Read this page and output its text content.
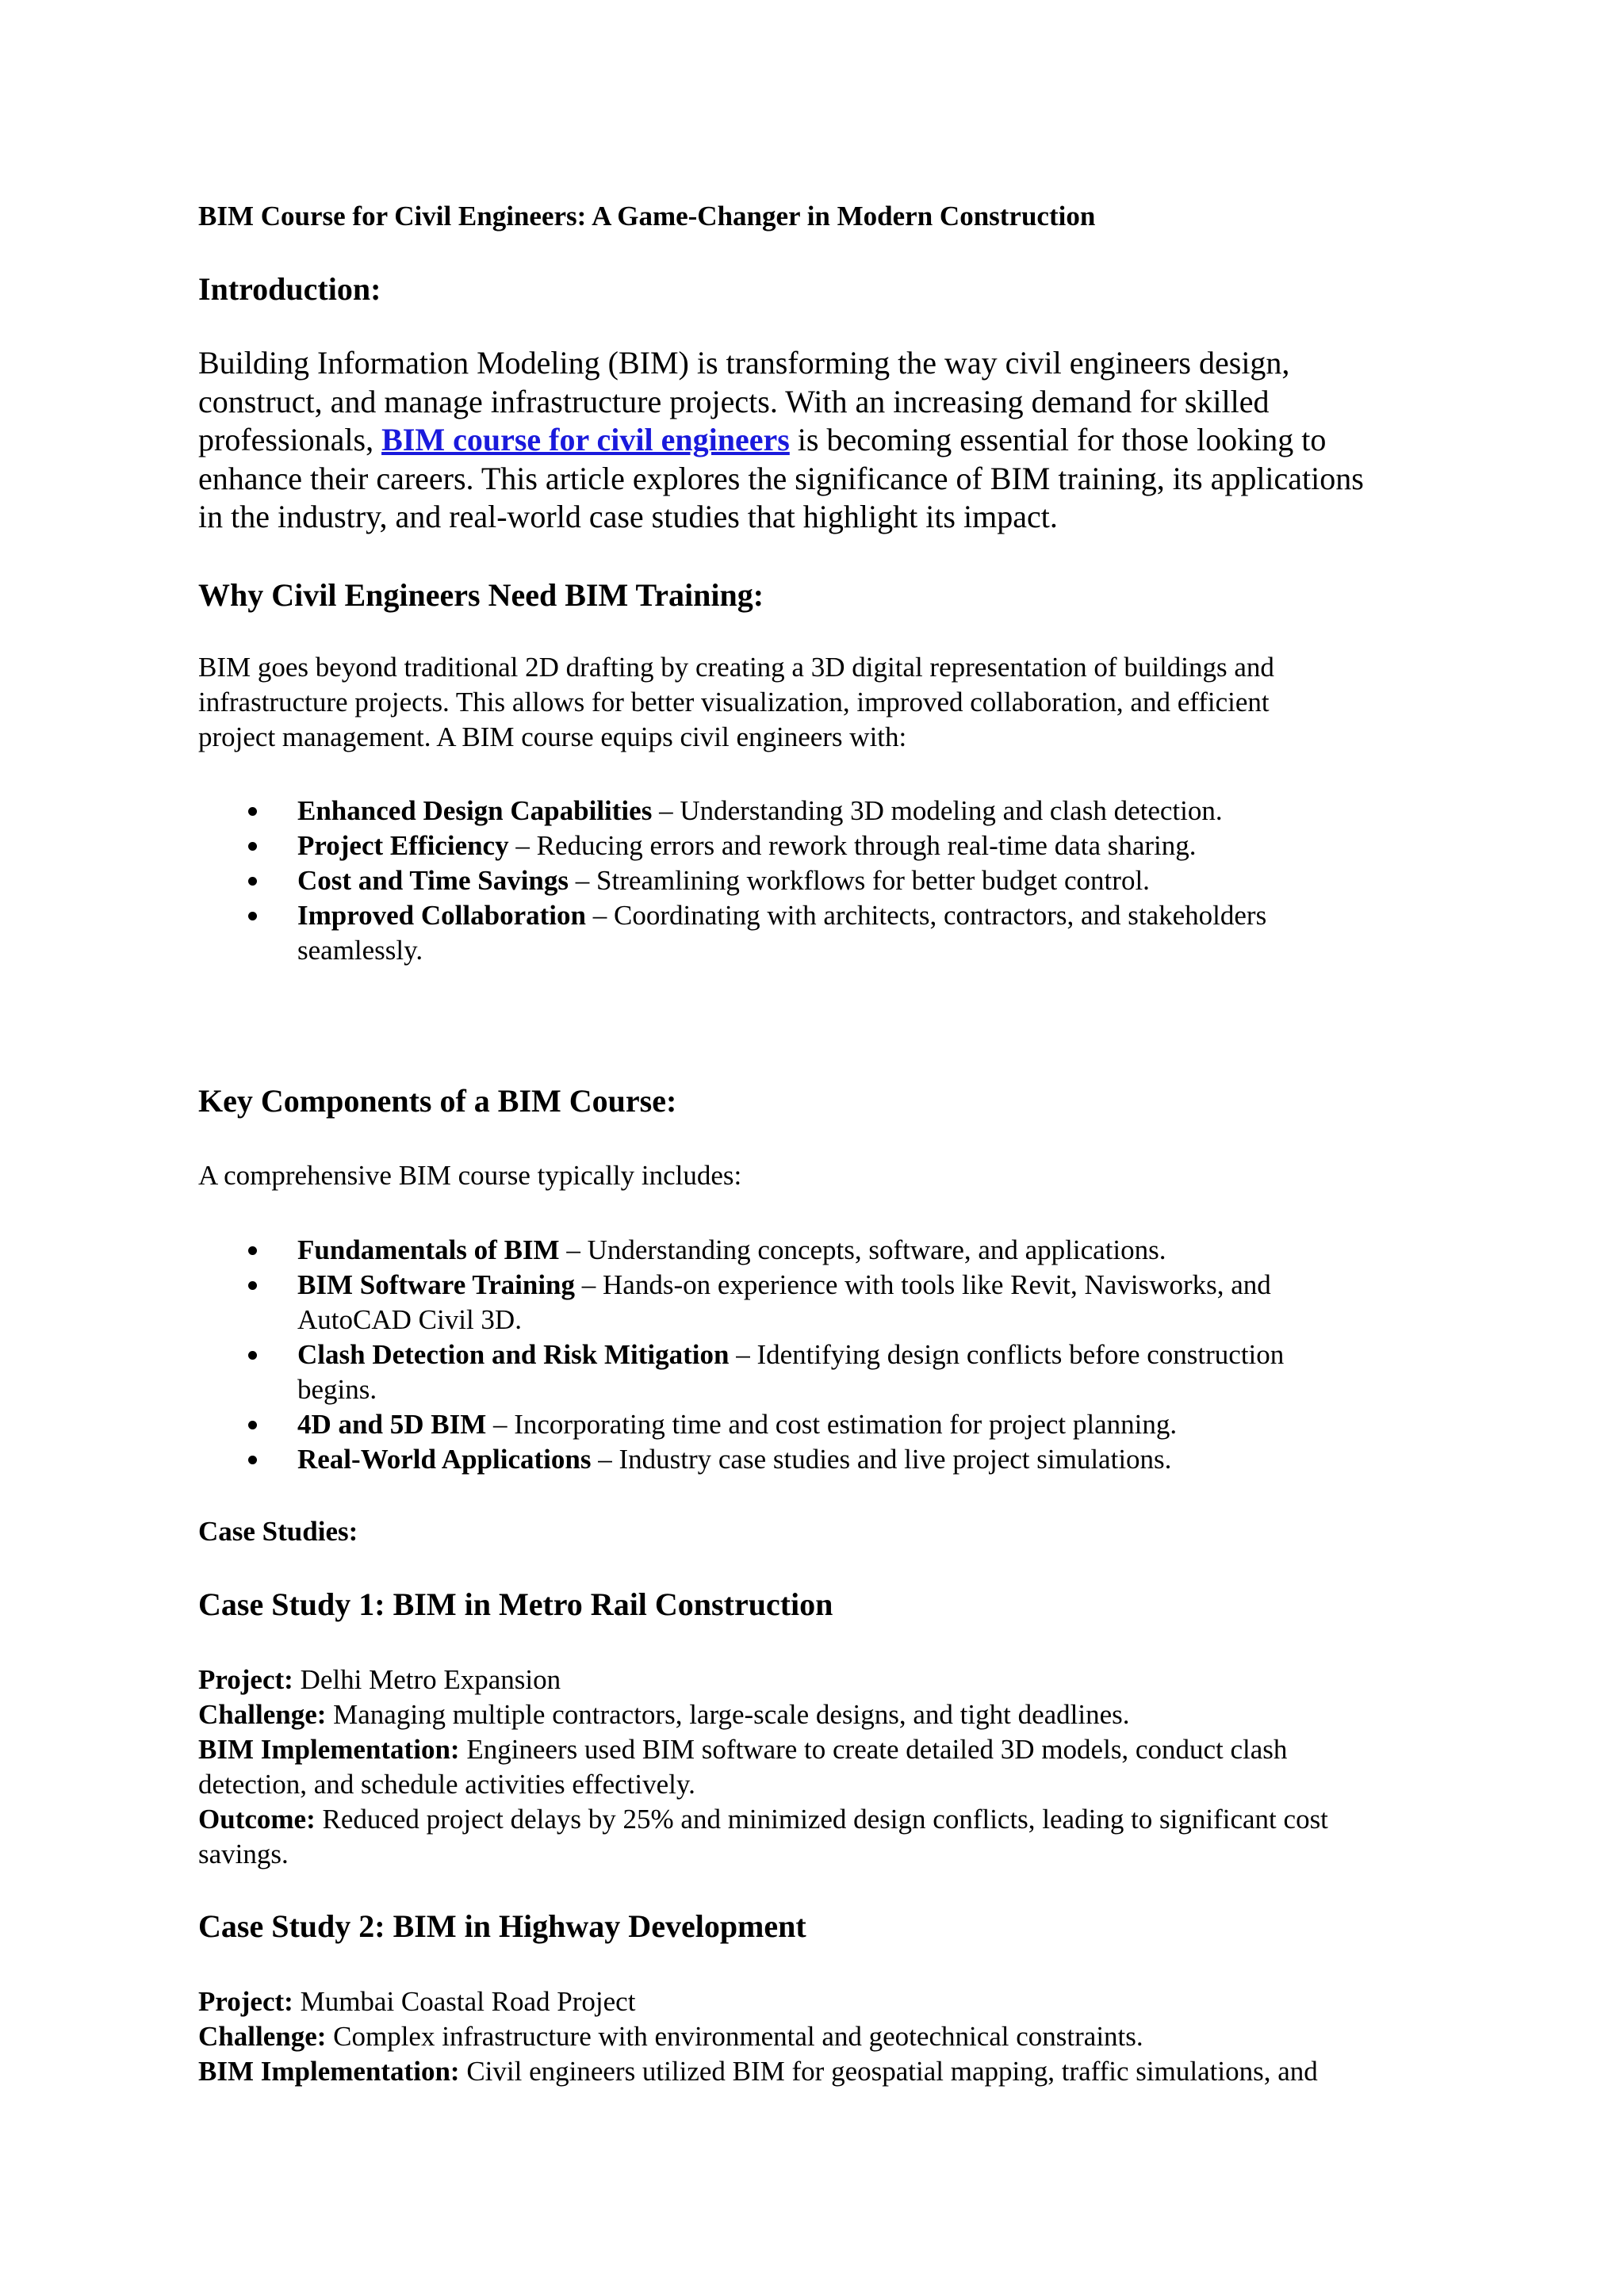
BIM Course for Civil Engineers: A Game-Changer in Modern Construction
Introduction:
Building Information Modeling (BIM) is transforming the way civil engineers design,
construct, and manage infrastructure projects. With an increasing demand for skilled
professionals, BIM course for civil engineers is becoming essential for those looking to
enhance their careers. This article explores the significance of BIM training, its applications
in the industry, and real-world case studies that highlight its impact.
Why Civil Engineers Need BIM Training:
BIM goes beyond traditional 2D drafting by creating a 3D digital representation of buildings and
infrastructure projects. This allows for better visualization, improved collaboration, and efficient
project management. A BIM course equips civil engineers with:
Enhanced Design Capabilities – Understanding 3D modeling and clash detection.
Project Efficiency – Reducing errors and rework through real-time data sharing.
Cost and Time Savings – Streamlining workflows for better budget control.
Improved Collaboration – Coordinating with architects, contractors, and stakeholders
seamlessly.
Key Components of a BIM Course:
A comprehensive BIM course typically includes:
Fundamentals of BIM – Understanding concepts, software, and applications.
BIM Software Training – Hands-on experience with tools like Revit, Navisworks, and
AutoCAD Civil 3D.
Clash Detection and Risk Mitigation – Identifying design conflicts before construction
begins.
4D and 5D BIM – Incorporating time and cost estimation for project planning.
Real-World Applications – Industry case studies and live project simulations.
Case Studies:
Case Study 1: BIM in Metro Rail Construction
Project: Delhi Metro Expansion
Challenge: Managing multiple contractors, large-scale designs, and tight deadlines.
BIM Implementation: Engineers used BIM software to create detailed 3D models, conduct clash
detection, and schedule activities effectively.
Outcome: Reduced project delays by 25% and minimized design conflicts, leading to significant cost
savings.
Case Study 2: BIM in Highway Development
Project: Mumbai Coastal Road Project
Challenge: Complex infrastructure with environmental and geotechnical constraints.
BIM Implementation: Civil engineers utilized BIM for geospatial mapping, traffic simulations, and
